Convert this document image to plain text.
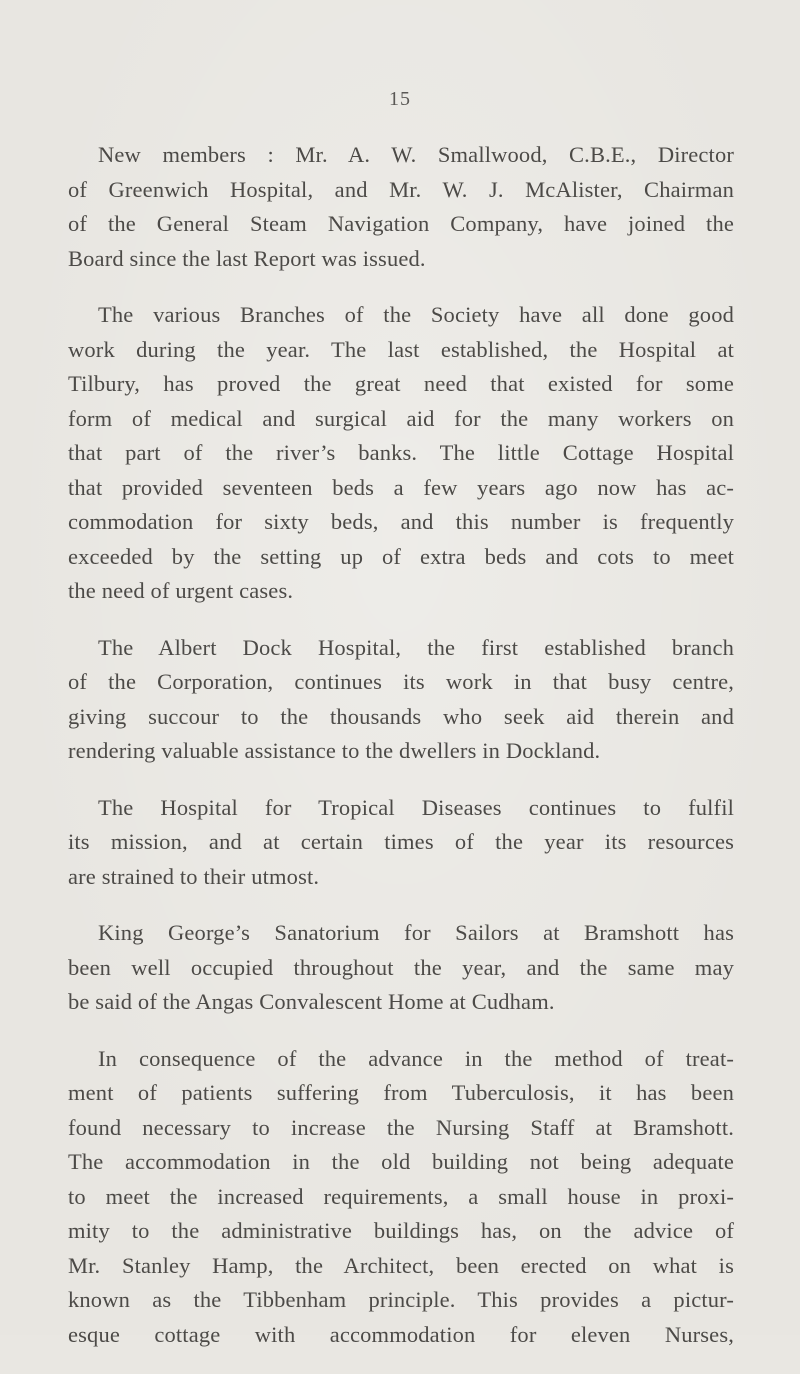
15
New members : Mr. A. W. Smallwood, C.B.E., Director
of Greenwich Hospital, and Mr. W. J. McAlister, Chairman
of the General Steam Navigation Company, have joined the
Board since the last Report was issued.
The various Branches of the Society have all done good
work during the year. The last established, the Hospital at
Tilbury, has proved the great need that existed for some
form of medical and surgical aid for the many workers on
that part of the river’s banks. The little Cottage Hospital
that provided seventeen beds a few years ago now has ac-
commodation for sixty beds, and this number is frequently
exceeded by the setting up of extra beds and cots to meet
the need of urgent cases.
The Albert Dock Hospital, the first established branch
of the Corporation, continues its work in that busy centre,
giving succour to the thousands who seek aid therein and
rendering valuable assistance to the dwellers in Dockland.
The Hospital for Tropical Diseases continues to fulfil
its mission, and at certain times of the year its resources
are strained to their utmost.
King George’s Sanatorium for Sailors at Bramshott has
been well occupied throughout the year, and the same may
be said of the Angas Convalescent Home at Cudham.
In consequence of the advance in the method of treat-
ment of patients suffering from Tuberculosis, it has been
found necessary to increase the Nursing Staff at Bramshott.
The accommodation in the old building not being adequate
to meet the increased requirements, a small house in proxi-
mity to the administrative buildings has, on the advice of
Mr. Stanley Hamp, the Architect, been erected on what is
known as the Tibbenham principle. This provides a pictur-
esque cottage with accommodation for eleven Nurses,
